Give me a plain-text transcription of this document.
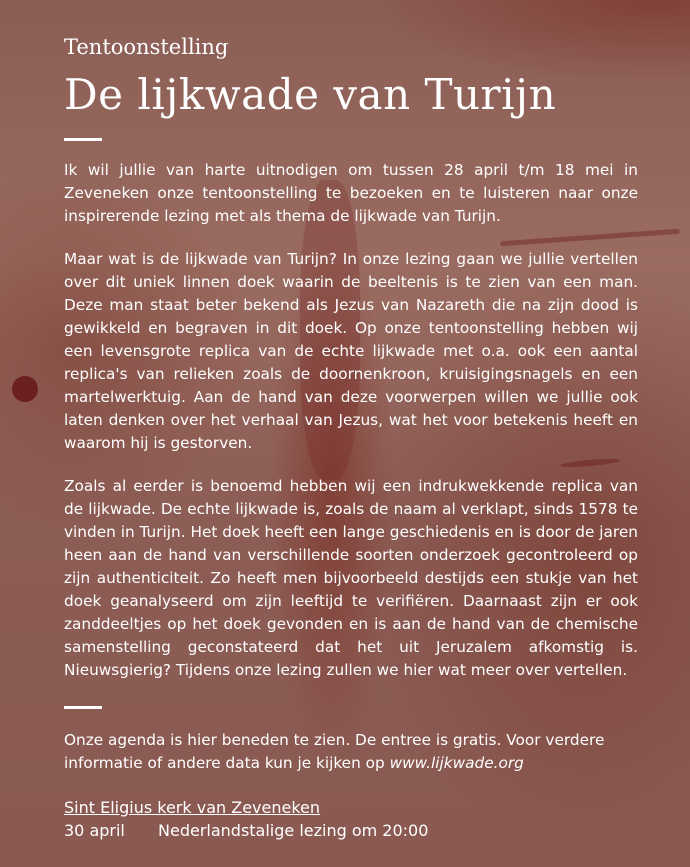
Tentoonstelling
De lijkwade van Turijn

Ik wil jullie van harte uitnodigen om tussen 28 april t/m 18 mei in Zeveneken onze tentoonstelling te bezoeken en te luisteren naar onze inspirerende lezing met als thema de lijkwade van Turijn.

Maar wat is de lijkwade van Turijn? In onze lezing gaan we jullie vertellen over dit uniek linnen doek waarin de beeltenis is te zien van een man. Deze man staat beter bekend als Jezus van Nazareth die na zijn dood is gewikkeld en begraven in dit doek. Op onze tentoonstelling hebben wij een levensgrote replica van de echte lijkwade met o.a. ook een aantal replica's van relieken zoals de doornenkroon, kruisigingsnagels en een martelwerktuig. Aan de hand van deze voorwerpen willen we jullie ook laten denken over het verhaal van Jezus, wat het voor betekenis heeft en waarom hij is gestorven.

Zoals al eerder is benoemd hebben wij een indrukwekkende replica van de lijkwade. De echte lijkwade is, zoals de naam al verklapt, sinds 1578 te vinden in Turijn. Het doek heeft een lange geschiedenis en is door de jaren heen aan de hand van verschillende soorten onderzoek gecontroleerd op zijn authenticiteit. Zo heeft men bijvoorbeeld destijds een stukje van het doek geanalyseerd om zijn leeftijd te verifiëren. Daarnaast zijn er ook zanddeeltjes op het doek gevonden en is aan de hand van de chemische samenstelling geconstateerd dat het uit Jeruzalem afkomstig is. Nieuwsgierig? Tijdens onze lezing zullen we hier wat meer over vertellen.

Onze agenda is hier beneden te zien. De entree is gratis. Voor verdere informatie of andere data kun je kijken op www.lijkwade.org

Sint Eligius kerk van Zeveneken
30 april	Nederlandstalige lezing om 20:00
